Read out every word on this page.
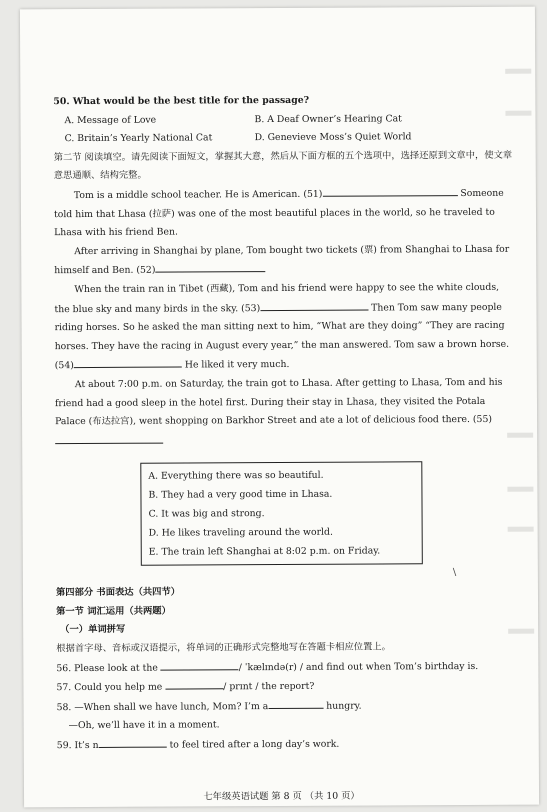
\

50. What would be the best title for the passage?

A. Message of Love	B. A Deaf Owner’s Hearing Cat
C. Britain’s Yearly National Cat	D. Genevieve Moss’s Quiet World

第二节 阅读填空。请先阅读下面短文，掌握其大意，然后从下面方框的五个选项中，选择还原到文章中，使文章意思通顺、结构完整。

Tom is a middle school teacher. He is American. (51)	Someone told him that Lhasa (拉萨) was one of the most beautiful places in the world, so he traveled to Lhasa with his friend Ben.

After arriving in Shanghai by plane, Tom bought two tickets (票) from Shanghai to Lhasa for himself and Ben. (52)

When the train ran in Tibet (西藏), Tom and his friend were happy to see the white clouds, the blue sky and many birds in the sky. (53)	Then Tom saw many people riding horses. So he asked the man sitting next to him, “What are they doing” “They are racing horses. They have the racing in August every year,” the man answered. Tom saw a brown horse. (54)	He liked it very much.

At about 7:00 p.m. on Saturday, the train got to Lhasa. After getting to Lhasa, Tom and his friend had a good sleep in the hotel first. During their stay in Lhasa, they visited the Potala Palace (布达拉宫), went shopping on Barkhor Street and ate a lot of delicious food there. (55)

A. Everything there was so beautiful.
B. They had a very good time in Lhasa.
C. It was big and strong.
D. He likes traveling around the world.
E. The train left Shanghai at 8:02 p.m. on Friday.

第四部分 书面表达（共四节）

第一节 词汇运用（共两题）

（一）单词拼写

根据首字母、音标或汉语提示，将单词的正确形式完整地写在答题卡相应位置上。

56. Please look at the	/ ˈkælɪndə(r) / and find out when Tom’s birthday is.

57. Could you help me	/ prɪnt / the report?

58. —When shall we have lunch, Mom? I’m a	hungry.

—Oh, we’ll have it in a moment.

59. It’s n	to feel tired after a long day’s work.

七年级英语试题 第 8 页 （共 10 页）
